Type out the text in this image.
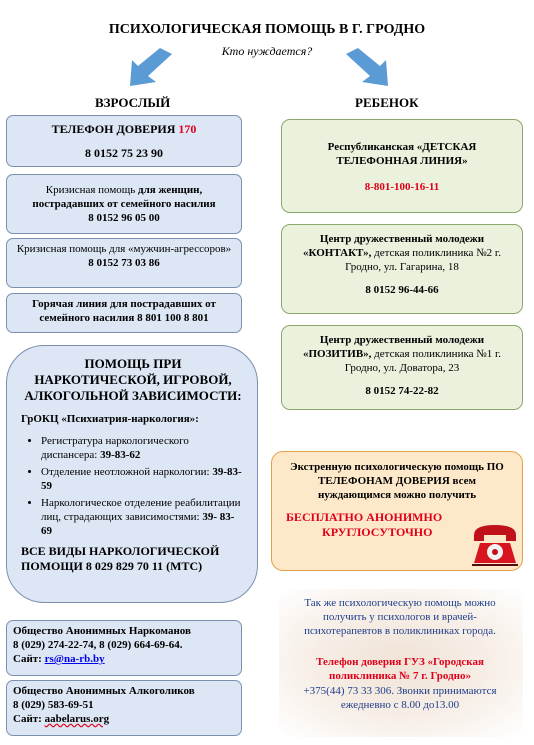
ПСИХОЛОГИЧЕСКАЯ ПОМОЩЬ В Г. ГРОДНО
Кто нуждается?
ВЗРОСЛЫЙ	РЕБЕНОК
ТЕЛЕФОН ДОВЕРИЯ 170
8 0152 75 23 90
Кризисная помощь для женщин, пострадавших от семейного насилия
8 0152 96 05 00
Кризисная помощь для «мужчин-агрессоров»
8 0152 73 03 86
Горячая линия для пострадавших от семейного насилия 8 801 100 8 801
ПОМОЩЬ ПРИ НАРКОТИЧЕСКОЙ, ИГРОВОЙ, АЛКОГОЛЬНОЙ ЗАВИСИМОСТИ:
ГрОКЦ «Психиатрия-наркология»:
• Регистратура наркологического диспансера: 39-83-62
• Отделение неотложной наркологии: 39-83-59
• Наркологическое отделение реабилитации лиц, страдающих зависимостями: 39- 83-69
ВСЕ ВИДЫ НАРКОЛОГИЧЕСКОЙ ПОМОЩИ 8 029 829 70 11 (МТС)
Общество Анонимных Наркоманов
8 (029) 274-22-74, 8 (029) 664-69-64.
Сайт: rs@na-rb.by
Общество Анонимных Алкоголиков
8 (029) 583-69-51
Сайт: aabelarus.org
Республиканская «ДЕТСКАЯ ТЕЛЕФОННАЯ ЛИНИЯ»
8-801-100-16-11
Центр дружественный молодежи «КОНТАКТ», детская поликлиника №2 г. Гродно, ул. Гагарина, 18
8 0152 96-44-66
Центр дружественный молодежи «ПОЗИТИВ», детская поликлиника №1 г. Гродно, ул. Доватора, 23
8 0152 74-22-82
Экстренную психологическую помощь ПО ТЕЛЕФОНАМ ДОВЕРИЯ всем нуждающимся можно получить
БЕСПЛАТНО АНОНИМНО
КРУГЛОСУТОЧНО
Так же психологическую помощь можно получить у психологов и врачей-психотерапевтов в поликлиниках города.
Телефон доверия ГУЗ «Городская поликлиника № 7 г. Гродно»
+375(44) 73 33 306. Звонки принимаются ежедневно с 8.00 до13.00
